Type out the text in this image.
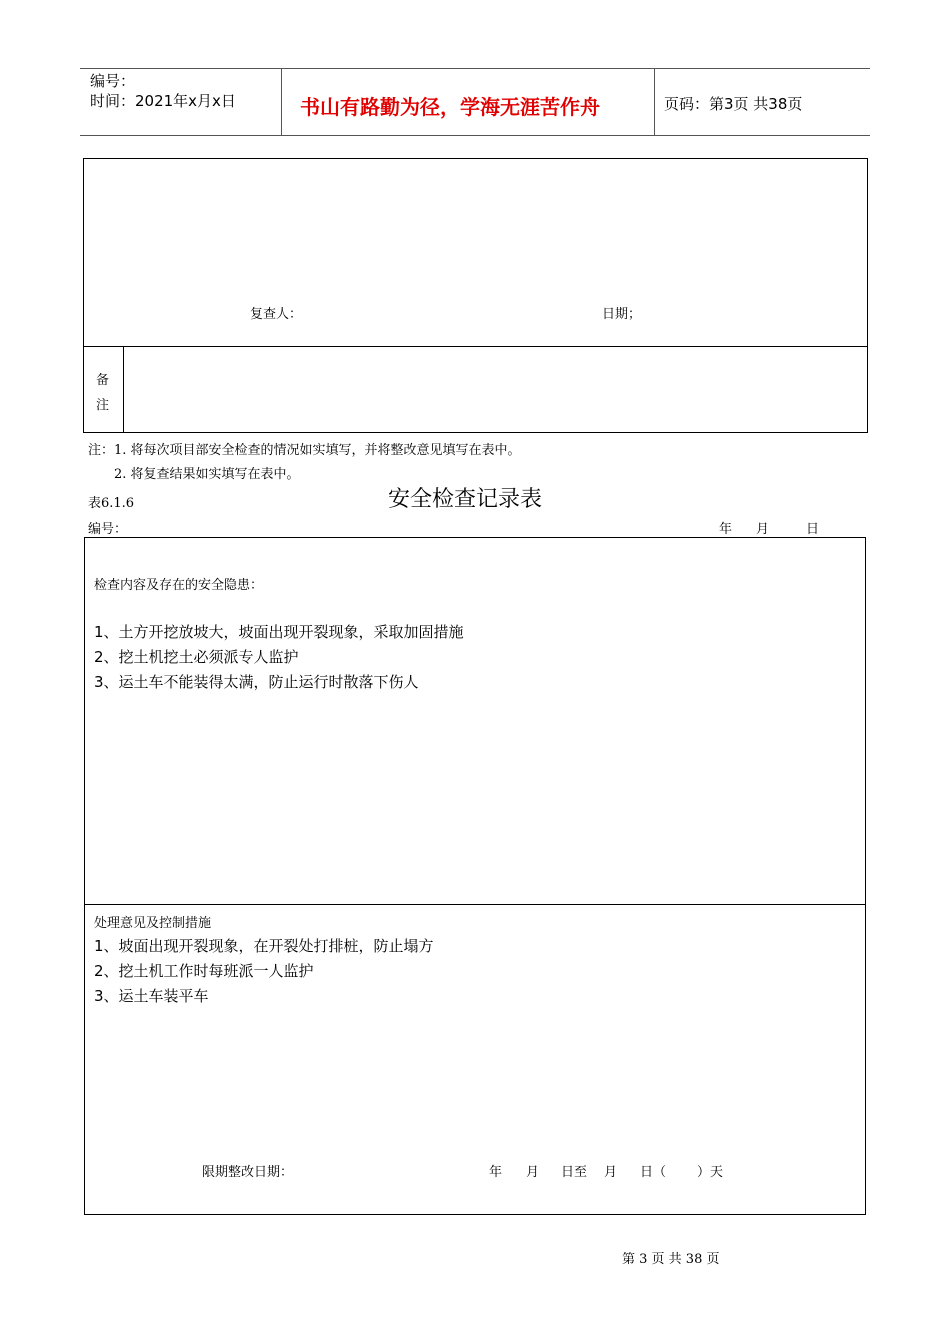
编号：
时间：2021年x月x日	书山有路勤为径，学海无涯苦作舟	页码：第3页 共38页
复查人：	日期；
备
注
注：1. 将每次项目部安全检查的情况如实填写，并将整改意见填写在表中。
2. 将复查结果如实填写在表中。
表6.1.6	安全检查记录表
编号：	年 月	日
检查内容及存在的安全隐患：
1、土方开挖放坡大，坡面出现开裂现象，采取加固措施
2、挖土机挖土必须派专人监护
3、运土车不能装得太满，防止运行时散落下伤人
处理意见及控制措施
1、坡面出现开裂现象，在开裂处打排桩，防止塌方
2、挖土机工作时每班派一人监护
3、运土车装平车
限期整改日期：	年 月 日至 月 日（ ）天
第 3 页 共 38 页
